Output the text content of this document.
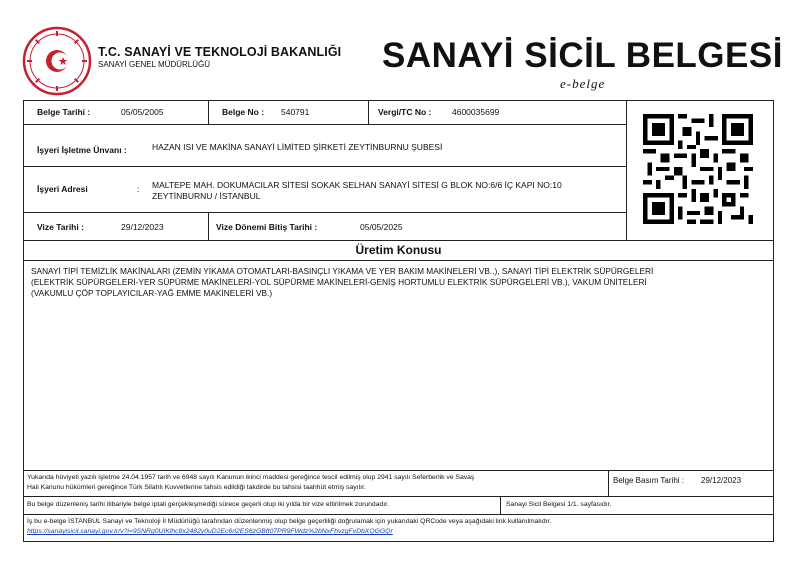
T.C. SANAYİ VE TEKNOLOJİ BAKANLIĞI
SANAYİ GENEL MÜDÜRLÜĞÜ	SANAYİ SİCİL BELGESİ
e-belge
Belge Tarihi :	05/05/2005	Belge No : 540791	Vergi/TC No : 4600035699
İşyeri İşletme Ünvanı :	HAZAN ISI VE MAKİNA SANAYİ LİMİTED ŞİRKETİ ZEYTİNBURNU ŞUBESİ
İşyeri Adresi	: MALTEPE MAH. DOKUMACILAR SİTESİ SOKAK SELHAN SANAYİ SİTESİ G BLOK NO:6/6 İÇ KAPI NO:10
ZEYTİNBURNU / İSTANBUL
Vize Tarihi :	29/12/2023	Vize Dönemi Bitiş Tarihi :	05/05/2025
Üretim Konusu
SANAYİ TİPİ TEMİZLİK MAKİNALARI (ZEMİN YIKAMA OTOMATLARI-BASINÇLI YIKAMA VE YER BAKIM MAKİNELERİ VB..), SANAYİ TİPİ ELEKTRİK SÜPÜRGELERİ
(ELEKTRİK SÜPÜRGELERİ-YER SÜPÜRME MAKİNELERİ-YOL SÜPÜRME MAKİNELERİ-GENİŞ HORTUMLU ELEKTRİK SÜPÜRGELERİ VB.), VAKUM ÜNİTELERİ
(VAKUMLU ÇÖP TOPLAYICILAR-YAĞ EMME MAKİNELERİ VB.)
Yukarıda hüviyeti yazılı işletme 24.04.1957 tarih ve 6948 sayılı Kanunun ikinci maddesi gereğince tescil edilmiş olup 2941 sayılı Seferberlik ve Savaş
Hali Kanunu hükümleri gereğince Türk Silahlı Kuvvetlerine tahsis edildiği takdirde bu tahsisi taahhüt etmiş sayılır.
Belge Basım Tarihi : 29/12/2023
Bu belge düzenleniş tarihi itibariyle belge iptali gerçekleşmediği sürece geçerli olup iki yılda bir vize ettirilmek zorundadır.	Sanayi Sicil Belgesi 1/1. sayfasıdır.
İş bu e-belge İSTANBUL Sanayi ve Teknoloji İl Müdürlüğü tarafından düzenlenmiş olup belge geçerliliği doğrulamak için yukarıdaki QRCode veya aşağıdaki link kullanılmalıdır.
https://sanayisicil.sanayi.gov.tr/v?i=9SNRg0UIKlhc8x2482y0uD2Ec6rl2ES6zGBft07PR9FWdz%2bNxFhvzgFvDbXQGGQr
